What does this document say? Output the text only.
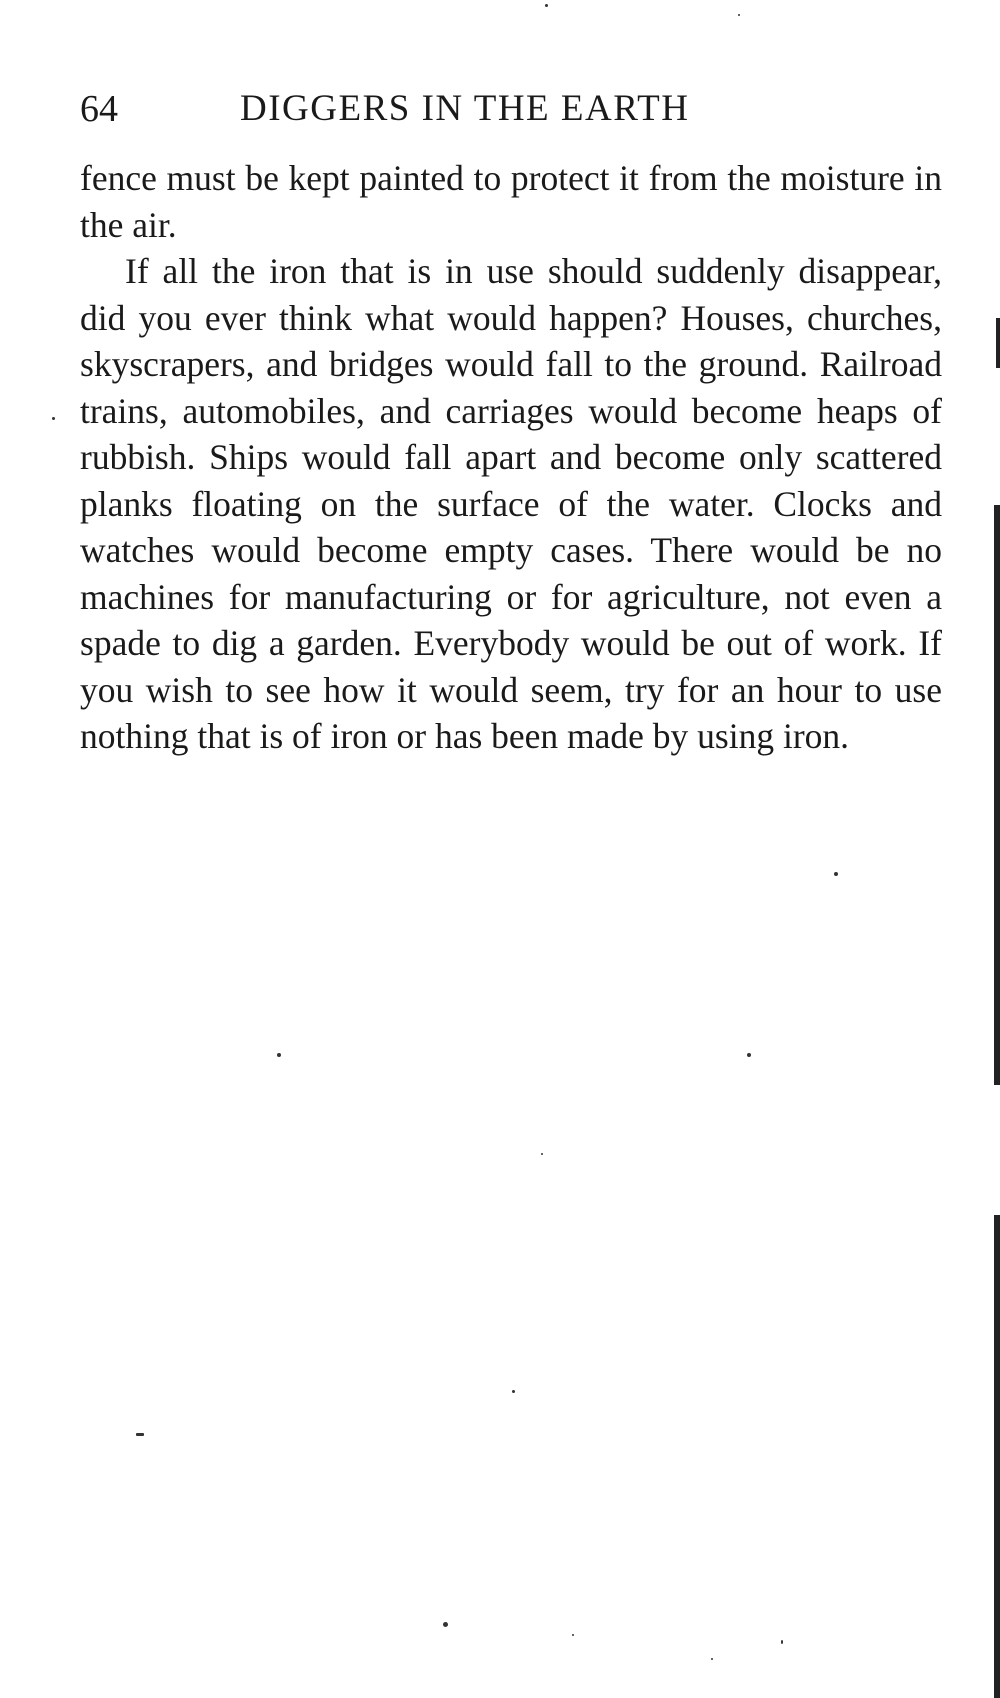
64	DIGGERS IN THE EARTH

fence must be kept painted to protect it from the moisture in the air.

If all the iron that is in use should suddenly disappear, did you ever think what would happen? Houses, churches, skyscrapers, and bridges would fall to the ground. Railroad trains, automobiles, and carriages would become heaps of rubbish. Ships would fall apart and become only scattered planks floating on the surface of the water. Clocks and watches would become empty cases. There would be no machines for manufacturing or for agriculture, not even a spade to dig a garden. Everybody would be out of work. If you wish to see how it would seem, try for an hour to use nothing that is of iron or has been made by using iron.
